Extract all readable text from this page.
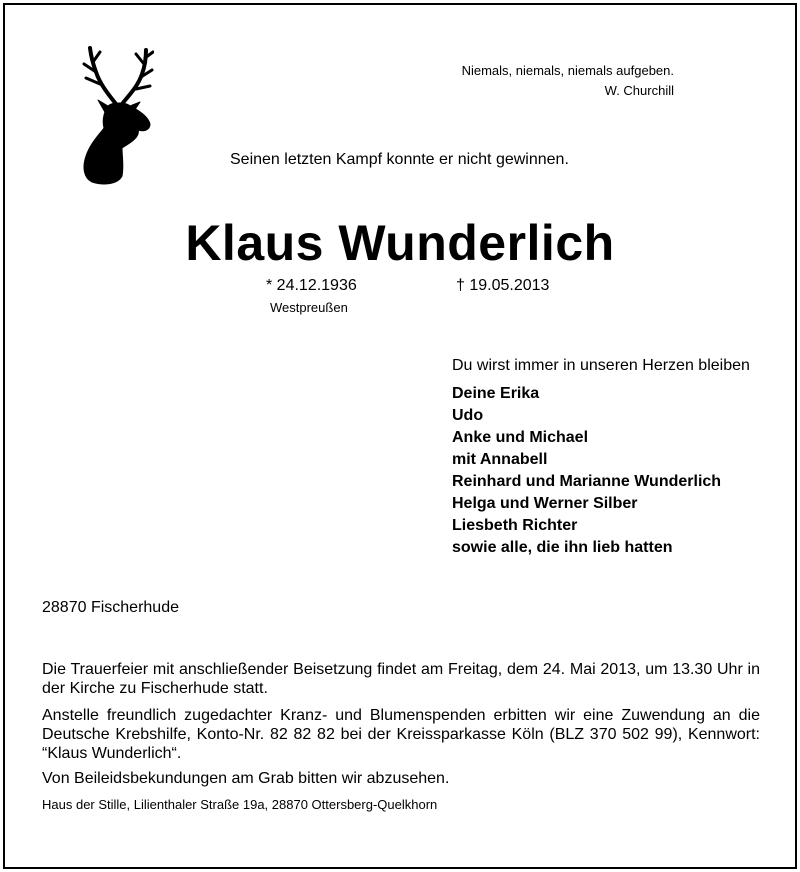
Niemals, niemals, niemals aufgeben.
W. Churchill
Seinen letzten Kampf konnte er nicht gewinnen.
Klaus Wunderlich
* 24.12.1936	† 19.05.2013
Westpreußen
Du wirst immer in unseren Herzen bleiben
Deine Erika
Udo
Anke und Michael
mit Annabell
Reinhard und Marianne Wunderlich
Helga und Werner Silber
Liesbeth Richter
sowie alle, die ihn lieb hatten
28870 Fischerhude

Die Trauerfeier mit anschließender Beisetzung findet am Freitag, dem 24. Mai 2013, um 13.30 Uhr in der Kirche zu Fischerhude statt.

Anstelle freundlich zugedachter Kranz- und Blumenspenden erbitten wir eine Zuwendung an die Deutsche Krebshilfe, Konto-Nr. 82 82 82 bei der Kreissparkasse Köln (BLZ 370 502 99), Kennwort: “Klaus Wunderlich“.

Von Beileidsbekundungen am Grab bitten wir abzusehen.

Haus der Stille, Lilienthaler Straße 19a, 28870 Ottersberg-Quelkhorn
